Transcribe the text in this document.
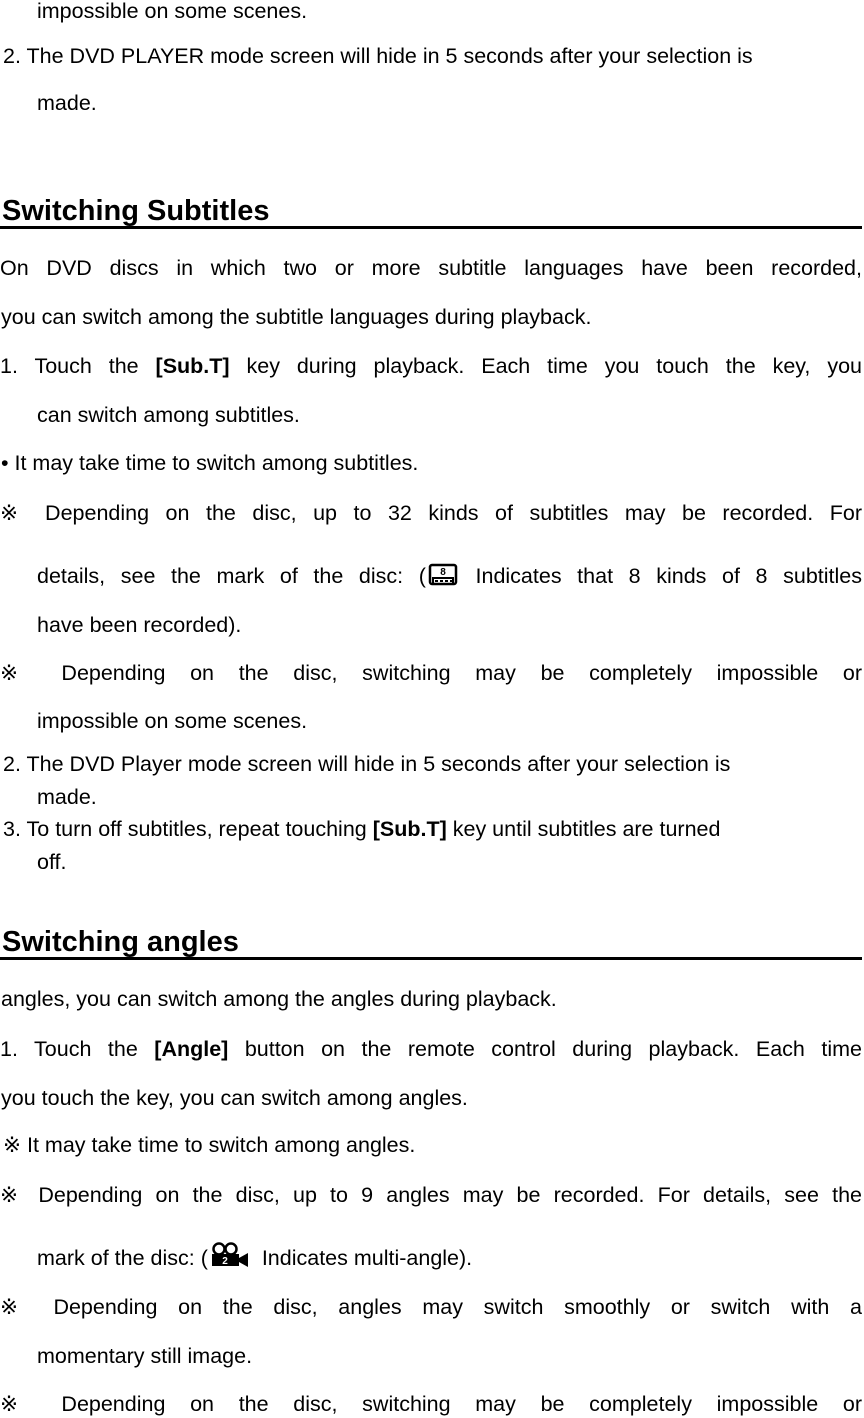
impossible on some scenes.
2. The DVD PLAYER mode screen will hide in 5 seconds after your selection is
made.
Switching Subtitles
On DVD discs in which two or more subtitle languages have been recorded,
you can switch among the subtitle languages during playback.
1. Touch the [Sub.T] key during playback. Each time you touch the key, you
can switch among subtitles.
• It may take time to switch among subtitles.
※ Depending on the disc, up to 32 kinds of subtitles may be recorded. For
details, see the mark of the disc: ( 8 Indicates that 8 kinds of 8 subtitles
have been recorded).
※ Depending on the disc, switching may be completely impossible or
impossible on some scenes.
2. The DVD Player mode screen will hide in 5 seconds after your selection is
made.
3. To turn off subtitles, repeat touching [Sub.T] key until subtitles are turned
off.
Switching angles
angles, you can switch among the angles during playback.
1. Touch the [Angle] button on the remote control during playback. Each time
you touch the key, you can switch among angles.
※ It may take time to switch among angles.
※ Depending on the disc, up to 9 angles may be recorded. For details, see the
mark of the disc: ( 2 Indicates multi-angle).
※ Depending on the disc, angles may switch smoothly or switch with a
momentary still image.
※ Depending on the disc, switching may be completely impossible or
